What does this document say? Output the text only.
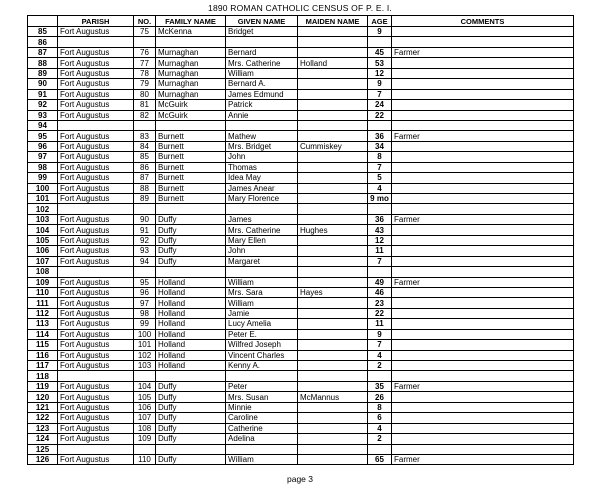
1890 ROMAN CATHOLIC CENSUS OF P. E. I.
	PARISH	NO.	FAMILY NAME	GIVEN NAME	MAIDEN NAME	AGE	COMMENTS
85	Fort Augustus	75	McKenna	Bridget		9	
86							
87	Fort Augustus	76	Murnaghan	Bernard		45	Farmer
88	Fort Augustus	77	Murnaghan	Mrs. Catherine	Holland	53	
89	Fort Augustus	78	Murnaghan	William		12	
90	Fort Augustus	79	Murnaghan	Bernard A.		9	
91	Fort Augustus	80	Murnaghan	James Edmund		7	
92	Fort Augustus	81	McGuirk	Patrick		24	
93	Fort Augustus	82	McGuirk	Annie		22	
94							
95	Fort Augustus	83	Burnett	Mathew		36	Farmer
96	Fort Augustus	84	Burnett	Mrs. Bridget	Cummiskey	34	
97	Fort Augustus	85	Burnett	John		8	
98	Fort Augustus	86	Burnett	Thomas		7	
99	Fort Augustus	87	Burnett	Idea May		5	
100	Fort Augustus	88	Burnett	James Anear		4	
101	Fort Augustus	89	Burnett	Mary Florence		9 mo	
102							
103	Fort Augustus	90	Duffy	James		36	Farmer
104	Fort Augustus	91	Duffy	Mrs. Catherine	Hughes	43	
105	Fort Augustus	92	Duffy	Mary Ellen		12	
106	Fort Augustus	93	Duffy	John		11	
107	Fort Augustus	94	Duffy	Margaret		7	
108							
109	Fort Augustus	95	Holland	William		49	Farmer
110	Fort Augustus	96	Holland	Mrs. Sara	Hayes	46	
111	Fort Augustus	97	Holland	William		23	
112	Fort Augustus	98	Holland	Jamie		22	
113	Fort Augustus	99	Holland	Lucy Amelia		11	
114	Fort Augustus	100	Holland	Peter E.		9	
115	Fort Augustus	101	Holland	Wilfred Joseph		7	
116	Fort Augustus	102	Holland	Vincent Charles		4	
117	Fort Augustus	103	Holland	Kenny A.		2	
118							
119	Fort Augustus	104	Duffy	Peter		35	Farmer
120	Fort Augustus	105	Duffy	Mrs. Susan	McMannus	26	
121	Fort Augustus	106	Duffy	Minnie		8	
122	Fort Augustus	107	Duffy	Caroline		6	
123	Fort Augustus	108	Duffy	Catherine		4	
124	Fort Augustus	109	Duffy	Adelina		2	
125							
126	Fort Augustus	110	Duffy	William		65	Farmer
page 3
